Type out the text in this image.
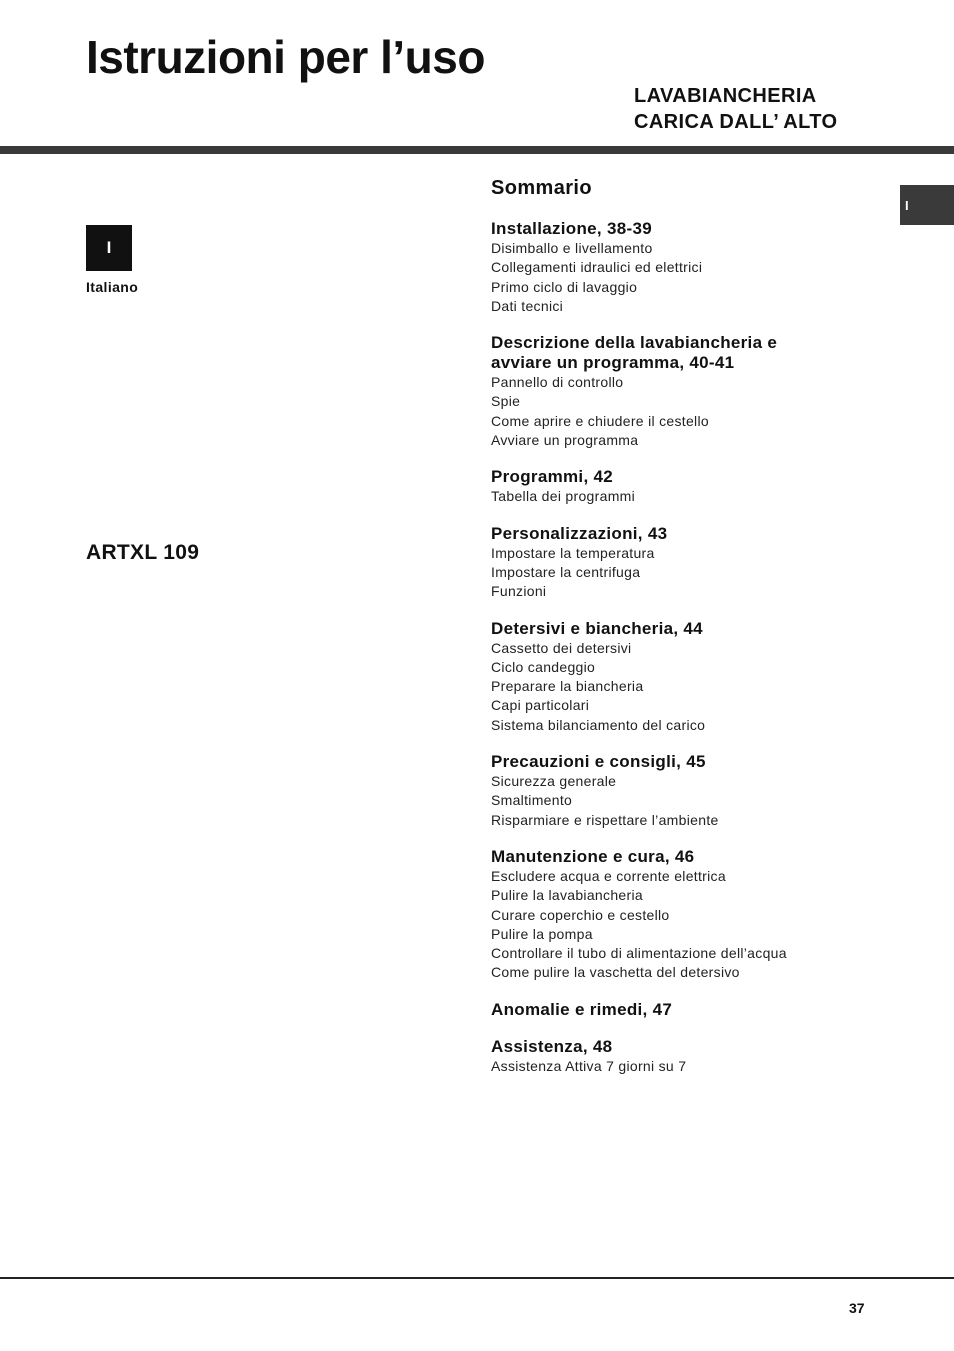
Istruzioni per l’uso
LAVABIANCHERIA
CARICA DALL’ ALTO
I
Italiano
ARTXL 109
I
Sommario
Installazione, 38-39
Disimballo e livellamento
Collegamenti idraulici ed elettrici
Primo ciclo di lavaggio
Dati tecnici
Descrizione della lavabiancheria e
avviare un programma, 40-41
Pannello di controllo
Spie
Come aprire e chiudere il cestello
Avviare un programma
Programmi, 42
Tabella dei programmi
Personalizzazioni, 43
Impostare la temperatura
Impostare la centrifuga
Funzioni
Detersivi e biancheria, 44
Cassetto dei detersivi
Ciclo candeggio
Preparare la biancheria
Capi particolari
Sistema bilanciamento del carico
Precauzioni e consigli, 45
Sicurezza generale
Smaltimento
Risparmiare e rispettare l’ambiente
Manutenzione e cura, 46
Escludere acqua e corrente elettrica
Pulire la lavabiancheria
Curare coperchio e cestello
Pulire la pompa
Controllare il tubo di alimentazione dell’acqua
Come pulire la vaschetta del detersivo
Anomalie e rimedi, 47
Assistenza, 48
Assistenza Attiva 7 giorni su 7
37
